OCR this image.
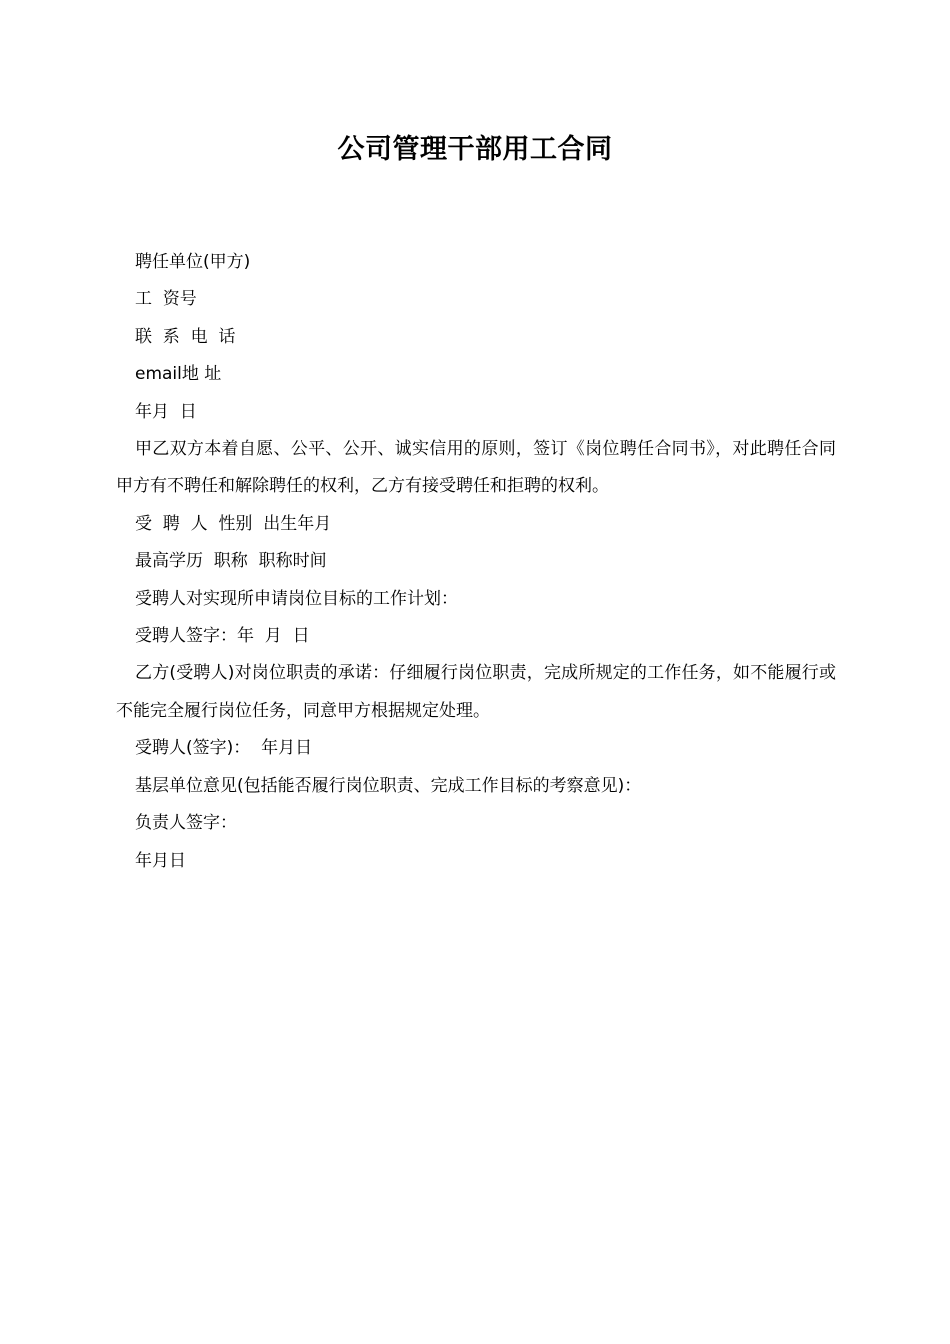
公司管理干部用工合同

聘任单位(甲方)

工  资号

联  系  电  话

email地 址

年月  日

甲乙双方本着自愿、公平、公开、诚实信用的原则，签订《岗位聘任合同书》，对此聘任合同甲方有不聘任和解除聘任的权利，乙方有接受聘任和拒聘的权利。

受  聘  人  性别  出生年月

最高学历  职称  职称时间

受聘人对实现所申请岗位目标的工作计划：

受聘人签字：年  月  日

乙方(受聘人)对岗位职责的承诺：仔细履行岗位职责，完成所规定的工作任务，如不能履行或不能完全履行岗位任务，同意甲方根据规定处理。

受聘人(签字)：  年月日

基层单位意见(包括能否履行岗位职责、完成工作目标的考察意见)：

负责人签字：

年月日
